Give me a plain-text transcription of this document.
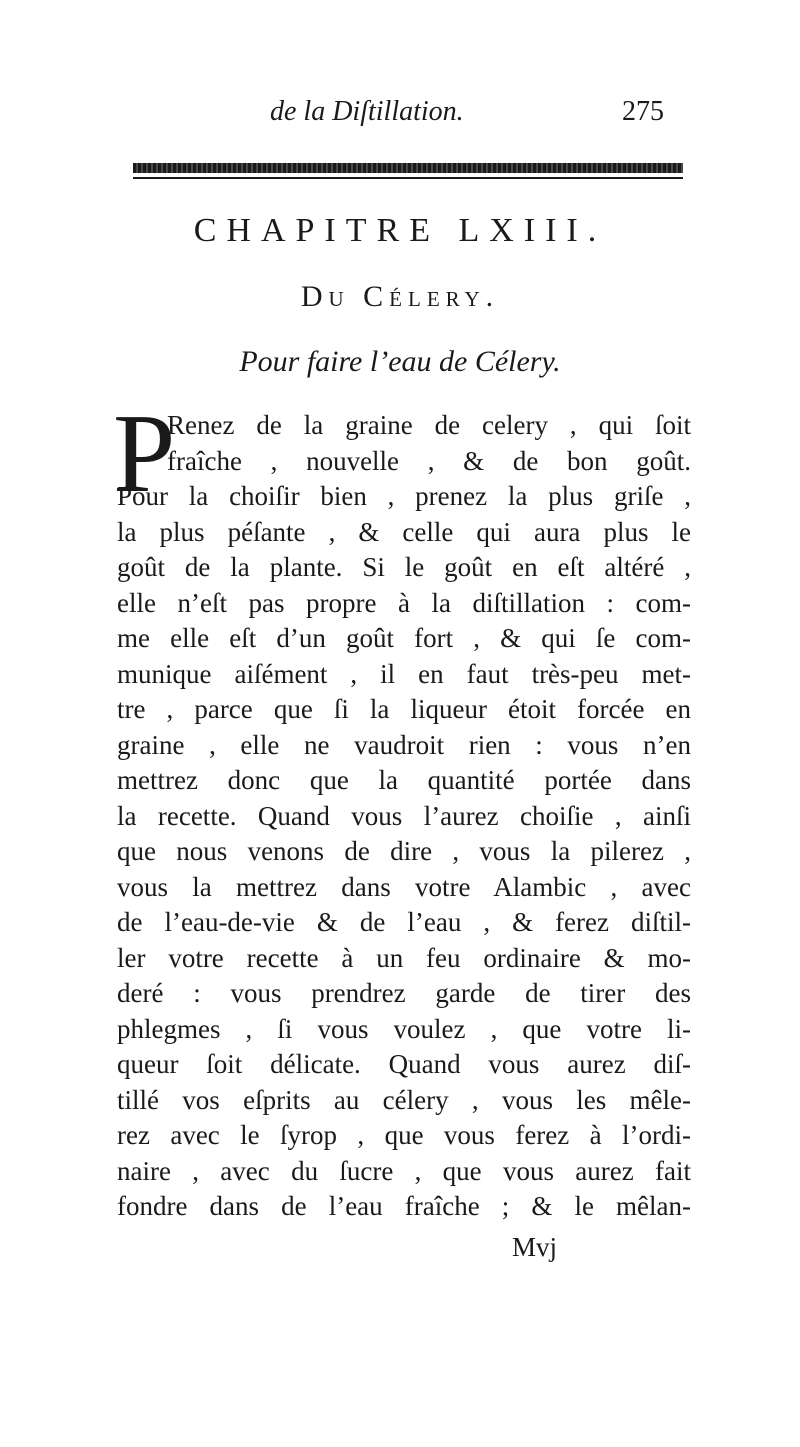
de la Diſtillation.	275
CHAPITRE LXIII.
Du Célery.
Pour faire l’eau de Célery.
P
Renez de la graine de celery , qui ſoit
fraîche , nouvelle , & de bon goût.
Pour la choiſir bien , prenez la plus griſe ,
la plus péſante , & celle qui aura plus le
goût de la plante. Si le goût en eſt altéré ,
elle n’eſt pas propre à la diſtillation : com-
me elle eſt d’un goût fort , & qui ſe com-
munique aiſément , il en faut très-peu met-
tre , parce que ſi la liqueur étoit forcée en
graine , elle ne vaudroit rien : vous n’en
mettrez donc que la quantité portée dans
la recette. Quand vous l’aurez choiſie , ainſi
que nous venons de dire , vous la pilerez ,
vous la mettrez dans votre Alambic , avec
de l’eau-de-vie & de l’eau , & ferez diſtil-
ler votre recette à un feu ordinaire & mo-
deré : vous prendrez garde de tirer des
phlegmes , ſi vous voulez , que votre li-
queur ſoit délicate. Quand vous aurez diſ-
tillé vos eſprits au célery , vous les mêle-
rez avec le ſyrop , que vous ferez à l’ordi-
naire , avec du ſucre , que vous aurez fait
fondre dans de l’eau fraîche ; & le mêlan-
Mvj
